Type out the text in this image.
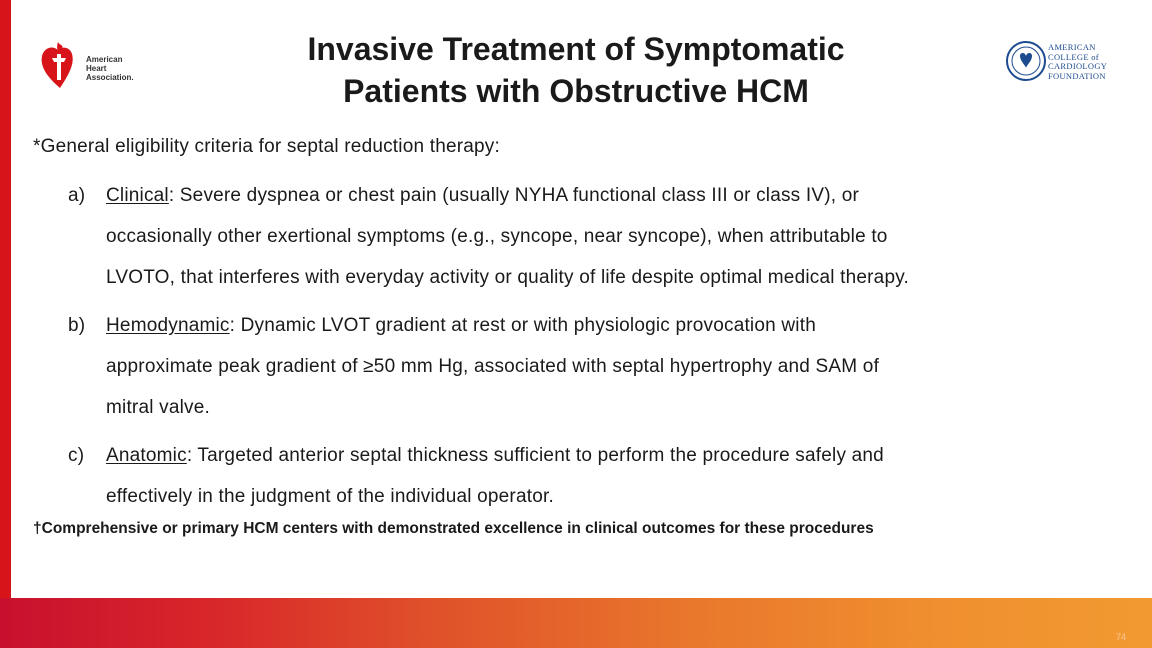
American
Heart
Association.
AMERICAN
COLLEGE of
CARDIOLOGY
FOUNDATION
Invasive Treatment of Symptomatic
Patients with Obstructive HCM
*General eligibility criteria for septal reduction therapy:
a) Clinical: Severe dyspnea or chest pain (usually NYHA functional class III or class IV), or
occasionally other exertional symptoms (e.g., syncope, near syncope), when attributable to
LVOTO, that interferes with everyday activity or quality of life despite optimal medical therapy.
b) Hemodynamic: Dynamic LVOT gradient at rest or with physiologic provocation with
approximate peak gradient of ≥50 mm Hg, associated with septal hypertrophy and SAM of
mitral valve.
c) Anatomic: Targeted anterior septal thickness sufficient to perform the procedure safely and
effectively in the judgment of the individual operator.
†Comprehensive or primary HCM centers with demonstrated excellence in clinical outcomes for these procedures
74
